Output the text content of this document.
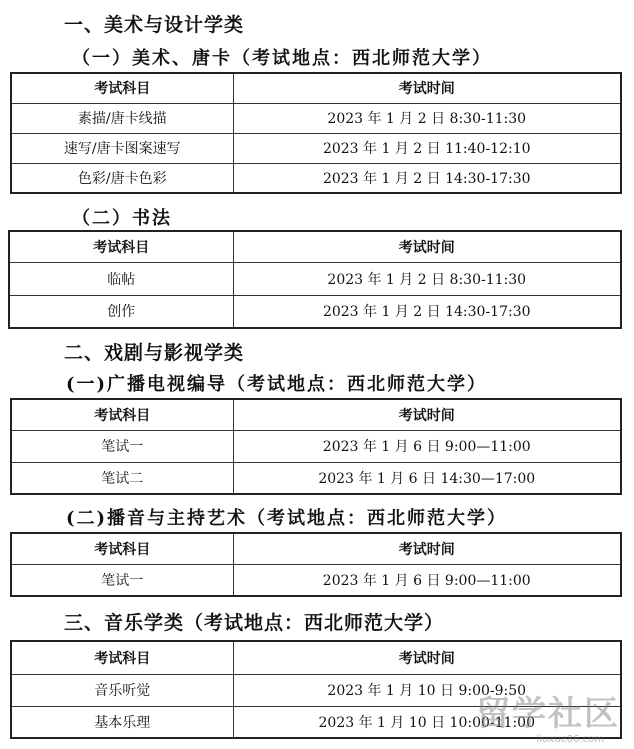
一、美术与设计学类
（一）美术、唐卡（考试地点：西北师范大学）
考试科目	考试时间
素描/唐卡线描	2023 年 1 月 2 日 8:30-11:30
速写/唐卡图案速写	2023 年 1 月 2 日 11:40-12:10
色彩/唐卡色彩	2023 年 1 月 2 日 14:30-17:30
（二）书法
考试科目	考试时间
临帖	2023 年 1 月 2 日 8:30-11:30
创作	2023 年 1 月 2 日 14:30-17:30
二、戏剧与影视学类
(一)广播电视编导（考试地点：西北师范大学）
考试科目	考试时间
笔试一	2023 年 1 月 6 日 9:00—11:00
笔试二	2023 年 1 月 6 日 14:30—17:00
(二)播音与主持艺术（考试地点：西北师范大学）
考试科目	考试时间
笔试一	2023 年 1 月 6 日 9:00—11:00
三、音乐学类（考试地点：西北师范大学）
考试科目	考试时间
音乐听觉	2023 年 1 月 10 日 9:00-9:50
基本乐理	2023 年 1 月 10 日 10:00-11:00
留学社区
liuxue86.com
